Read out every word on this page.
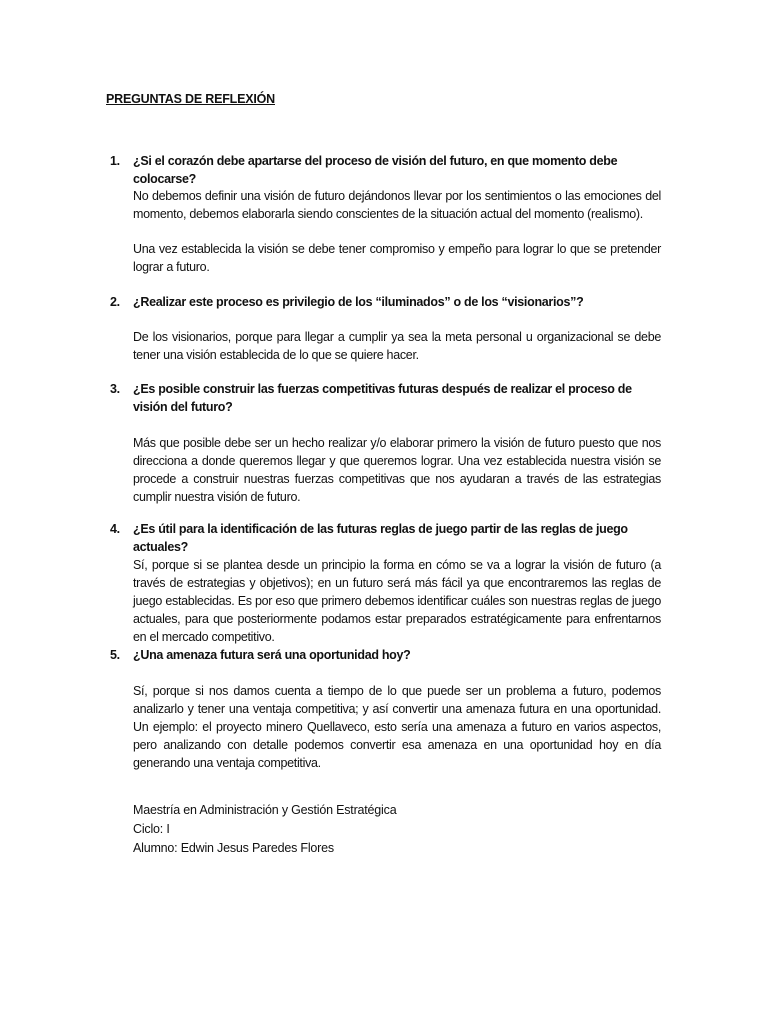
PREGUNTAS DE REFLEXIÓN
1.	¿Si el corazón debe apartarse del proceso de visión del futuro, en que momento debe colocarse?
No debemos definir una visión de futuro dejándonos llevar por los sentimientos o las emociones del momento, debemos elaborarla siendo conscientes de la situación actual del momento (realismo).
Una vez establecida la visión se debe tener compromiso y empeño para lograr lo que se pretender lograr a futuro.
2.	¿Realizar este proceso es privilegio de los “iluminados” o de los “visionarios”?
De los visionarios, porque para llegar a cumplir ya sea la meta personal u organizacional se debe tener una visión establecida de lo que se quiere hacer.
3.	¿Es posible construir las fuerzas competitivas futuras después de realizar el proceso de visión del futuro?
Más que posible debe ser un hecho realizar y/o elaborar primero la visión de futuro puesto que nos direcciona a donde queremos llegar y que queremos lograr. Una vez establecida nuestra visión se procede a construir nuestras fuerzas competitivas que nos ayudaran a través de las estrategias cumplir nuestra visión de futuro.
4.	¿Es útil para la identificación de las futuras reglas de juego partir de las reglas de juego actuales?
Sí, porque si se plantea desde un principio la forma en cómo se va a lograr la visión de futuro (a través de estrategias y objetivos); en un futuro será más fácil ya que encontraremos las reglas de juego establecidas. Es por eso que primero debemos identificar cuáles son nuestras reglas de juego actuales, para que posteriormente podamos estar preparados estratégicamente para enfrentarnos en el mercado competitivo.
5.	¿Una amenaza futura será una oportunidad hoy?
Sí, porque si nos damos cuenta a tiempo de lo que puede ser un problema a futuro, podemos analizarlo y tener una ventaja competitiva; y así convertir una amenaza futura en una oportunidad. Un ejemplo: el proyecto minero Quellaveco, esto sería una amenaza a futuro en varios aspectos, pero analizando con detalle podemos convertir esa amenaza en una oportunidad hoy en día generando una ventaja competitiva.
Maestría en Administración y Gestión Estratégica
Ciclo: I
Alumno: Edwin Jesus Paredes Flores
